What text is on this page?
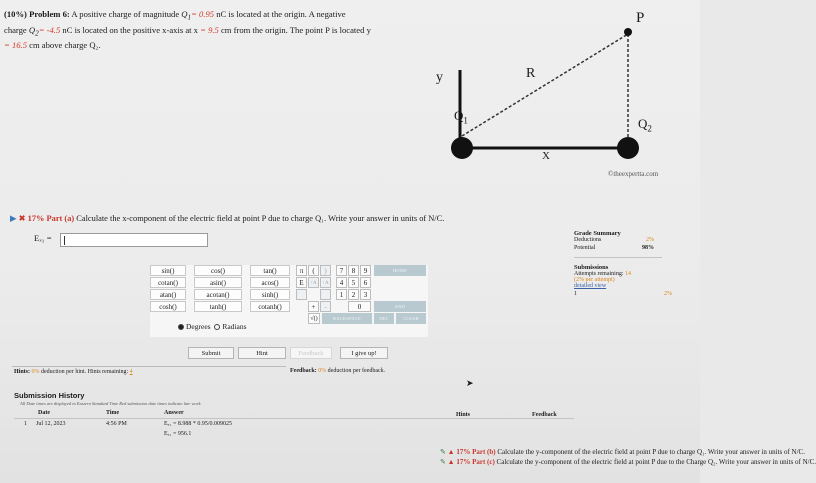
(10%) Problem 6: A positive charge of magnitude $Q_1= 0.95$ nC is located at the origin. A negative
charge $Q_2= -4.5$ nC is located on the positive x-axis at x = 9.5 cm from the origin. The point P is located y
= 16.5 cm above charge Q₂.
P
y	R
$Q_1$	$Q_2$
X
©theexpertta.com
▶ ✖ 17% Part (a) Calculate the x-component of the electric field at point P due to charge Q₁. Write your answer in units of N/C.
Eₓ₁ =
sin()	cos()	tan()
cotan()	asin()	acos()
atan()	acotan()	sinh()
cosh()	tanh()	cotanh()
π	(	)
E	↑A	↑A
+	-
√()
7	8	9
4	5	6
1	2	3
0
HOME
END
BACKSPACE	DEL	CLEAR
Degrees Radians
Submit	Hint	Feedback	I give up!
Hints: 0% deduction per hint. Hints remaining: 4	Feedback: 0% deduction per feedback.
➤
Submission History
All Date times are displayed in Eastern Standard Time Red submission date times indicate late work.
Date	Time	Answer	Hints	Feedback
1 Jul 12, 2023	4:56 PM	Eₓ₁ = 8.988 * 0.95/0.009025
Eₓ₁ = 956.1
Grade Summary
Deductions	2%
Potential	98%
Submissions
Attempts remaining: 14
(2% per attempt)
detailed view
1	2%
✎ ▲ 17% Part (b) Calculate the y-component of the electric field at point P due to charge Q₁. Write your answer in units of N/C.
✎ ▲ 17% Part (c) Calculate the y-component of the electric field at point P due to the Charge Q₂. Write your answer in units of N/C.
